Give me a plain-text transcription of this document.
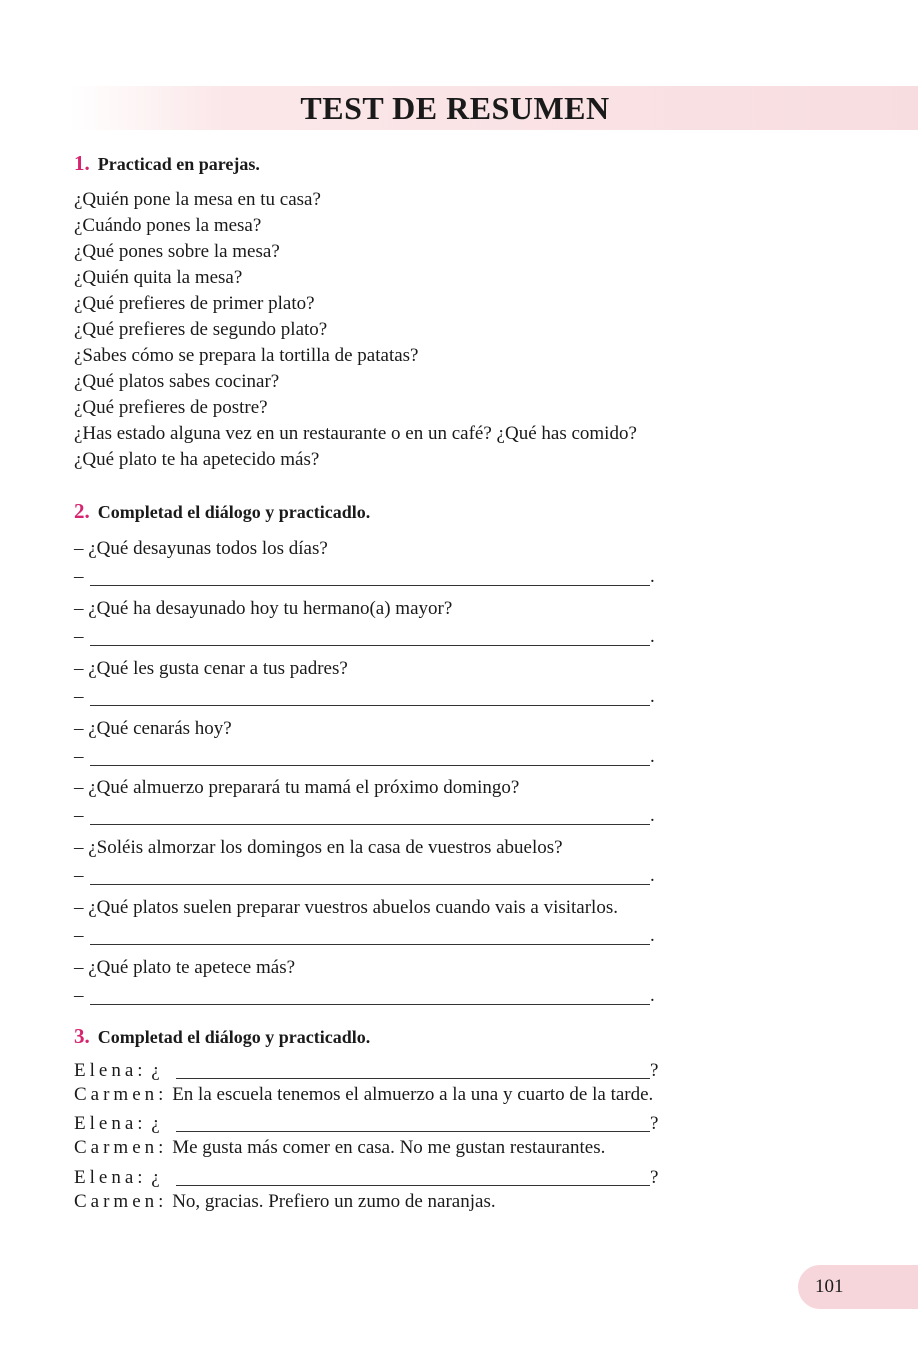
TEST DE RESUMEN
1. Practicad en parejas.
¿Quién pone la mesa en tu casa?
¿Cuándo pones la mesa?
¿Qué pones sobre la mesa?
¿Quién quita la mesa?
¿Qué prefieres de primer plato?
¿Qué prefieres de segundo plato?
¿Sabes cómo se prepara la tortilla de patatas?
¿Qué platos sabes cocinar?
¿Qué prefieres de postre?
¿Has estado alguna vez en un restaurante o en un café? ¿Qué has comido?
¿Qué plato te ha apetecido más?
2. Completad el diálogo y practicadlo.
– ¿Qué desayunas todos los días?
–	.
– ¿Qué ha desayunado hoy tu hermano(a) mayor?
–	.
– ¿Qué les gusta cenar a tus padres?
–	.
– ¿Qué cenarás hoy?
–	.
– ¿Qué almuerzo preparará tu mamá el próximo domingo?
–	.
– ¿Soléis almorzar los domingos en la casa de vuestros abuelos?
–	.
– ¿Qué platos suelen preparar vuestros abuelos cuando vais a visitarlos.
–	.
– ¿Qué plato te apetece más?
–	.
3. Completad el diálogo y practicadlo.
Elena: ¿	?
Carmen: En la escuela tenemos el almuerzo a la una y cuarto de la tarde.
Elena: ¿	?
Carmen: Me gusta más comer en casa. No me gustan restaurantes.
Elena: ¿	?
Carmen: No, gracias. Prefiero un zumo de naranjas.
101
